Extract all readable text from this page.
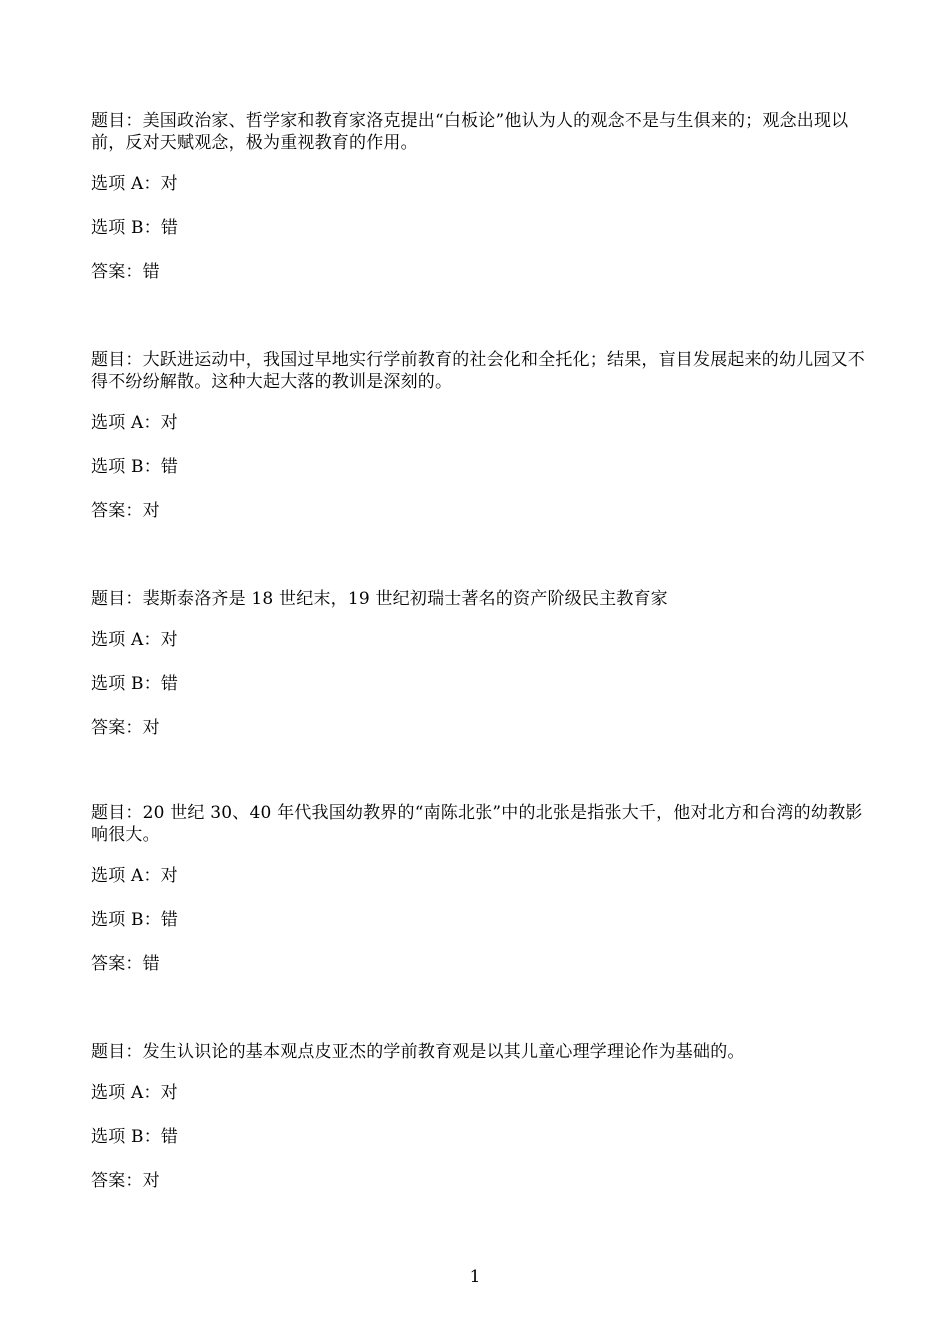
题目：美国政治家、哲学家和教育家洛克提出“白板论”他认为人的观念不是与生俱来的；观念出现以前，反对天赋观念，极为重视教育的作用。

选项 A：对

选项 B：错

答案：错

题目：大跃进运动中，我国过早地实行学前教育的社会化和全托化；结果，盲目发展起来的幼儿园又不得不纷纷解散。这种大起大落的教训是深刻的。

选项 A：对

选项 B：错

答案：对

题目：裴斯泰洛齐是 18 世纪末，19 世纪初瑞士著名的资产阶级民主教育家

选项 A：对

选项 B：错

答案：对

题目：20 世纪 30、40 年代我国幼教界的“南陈北张”中的北张是指张大千，他对北方和台湾的幼教影响很大。

选项 A：对

选项 B：错

答案：错

题目：发生认识论的基本观点皮亚杰的学前教育观是以其儿童心理学理论作为基础的。

选项 A：对

选项 B：错

答案：对

1
